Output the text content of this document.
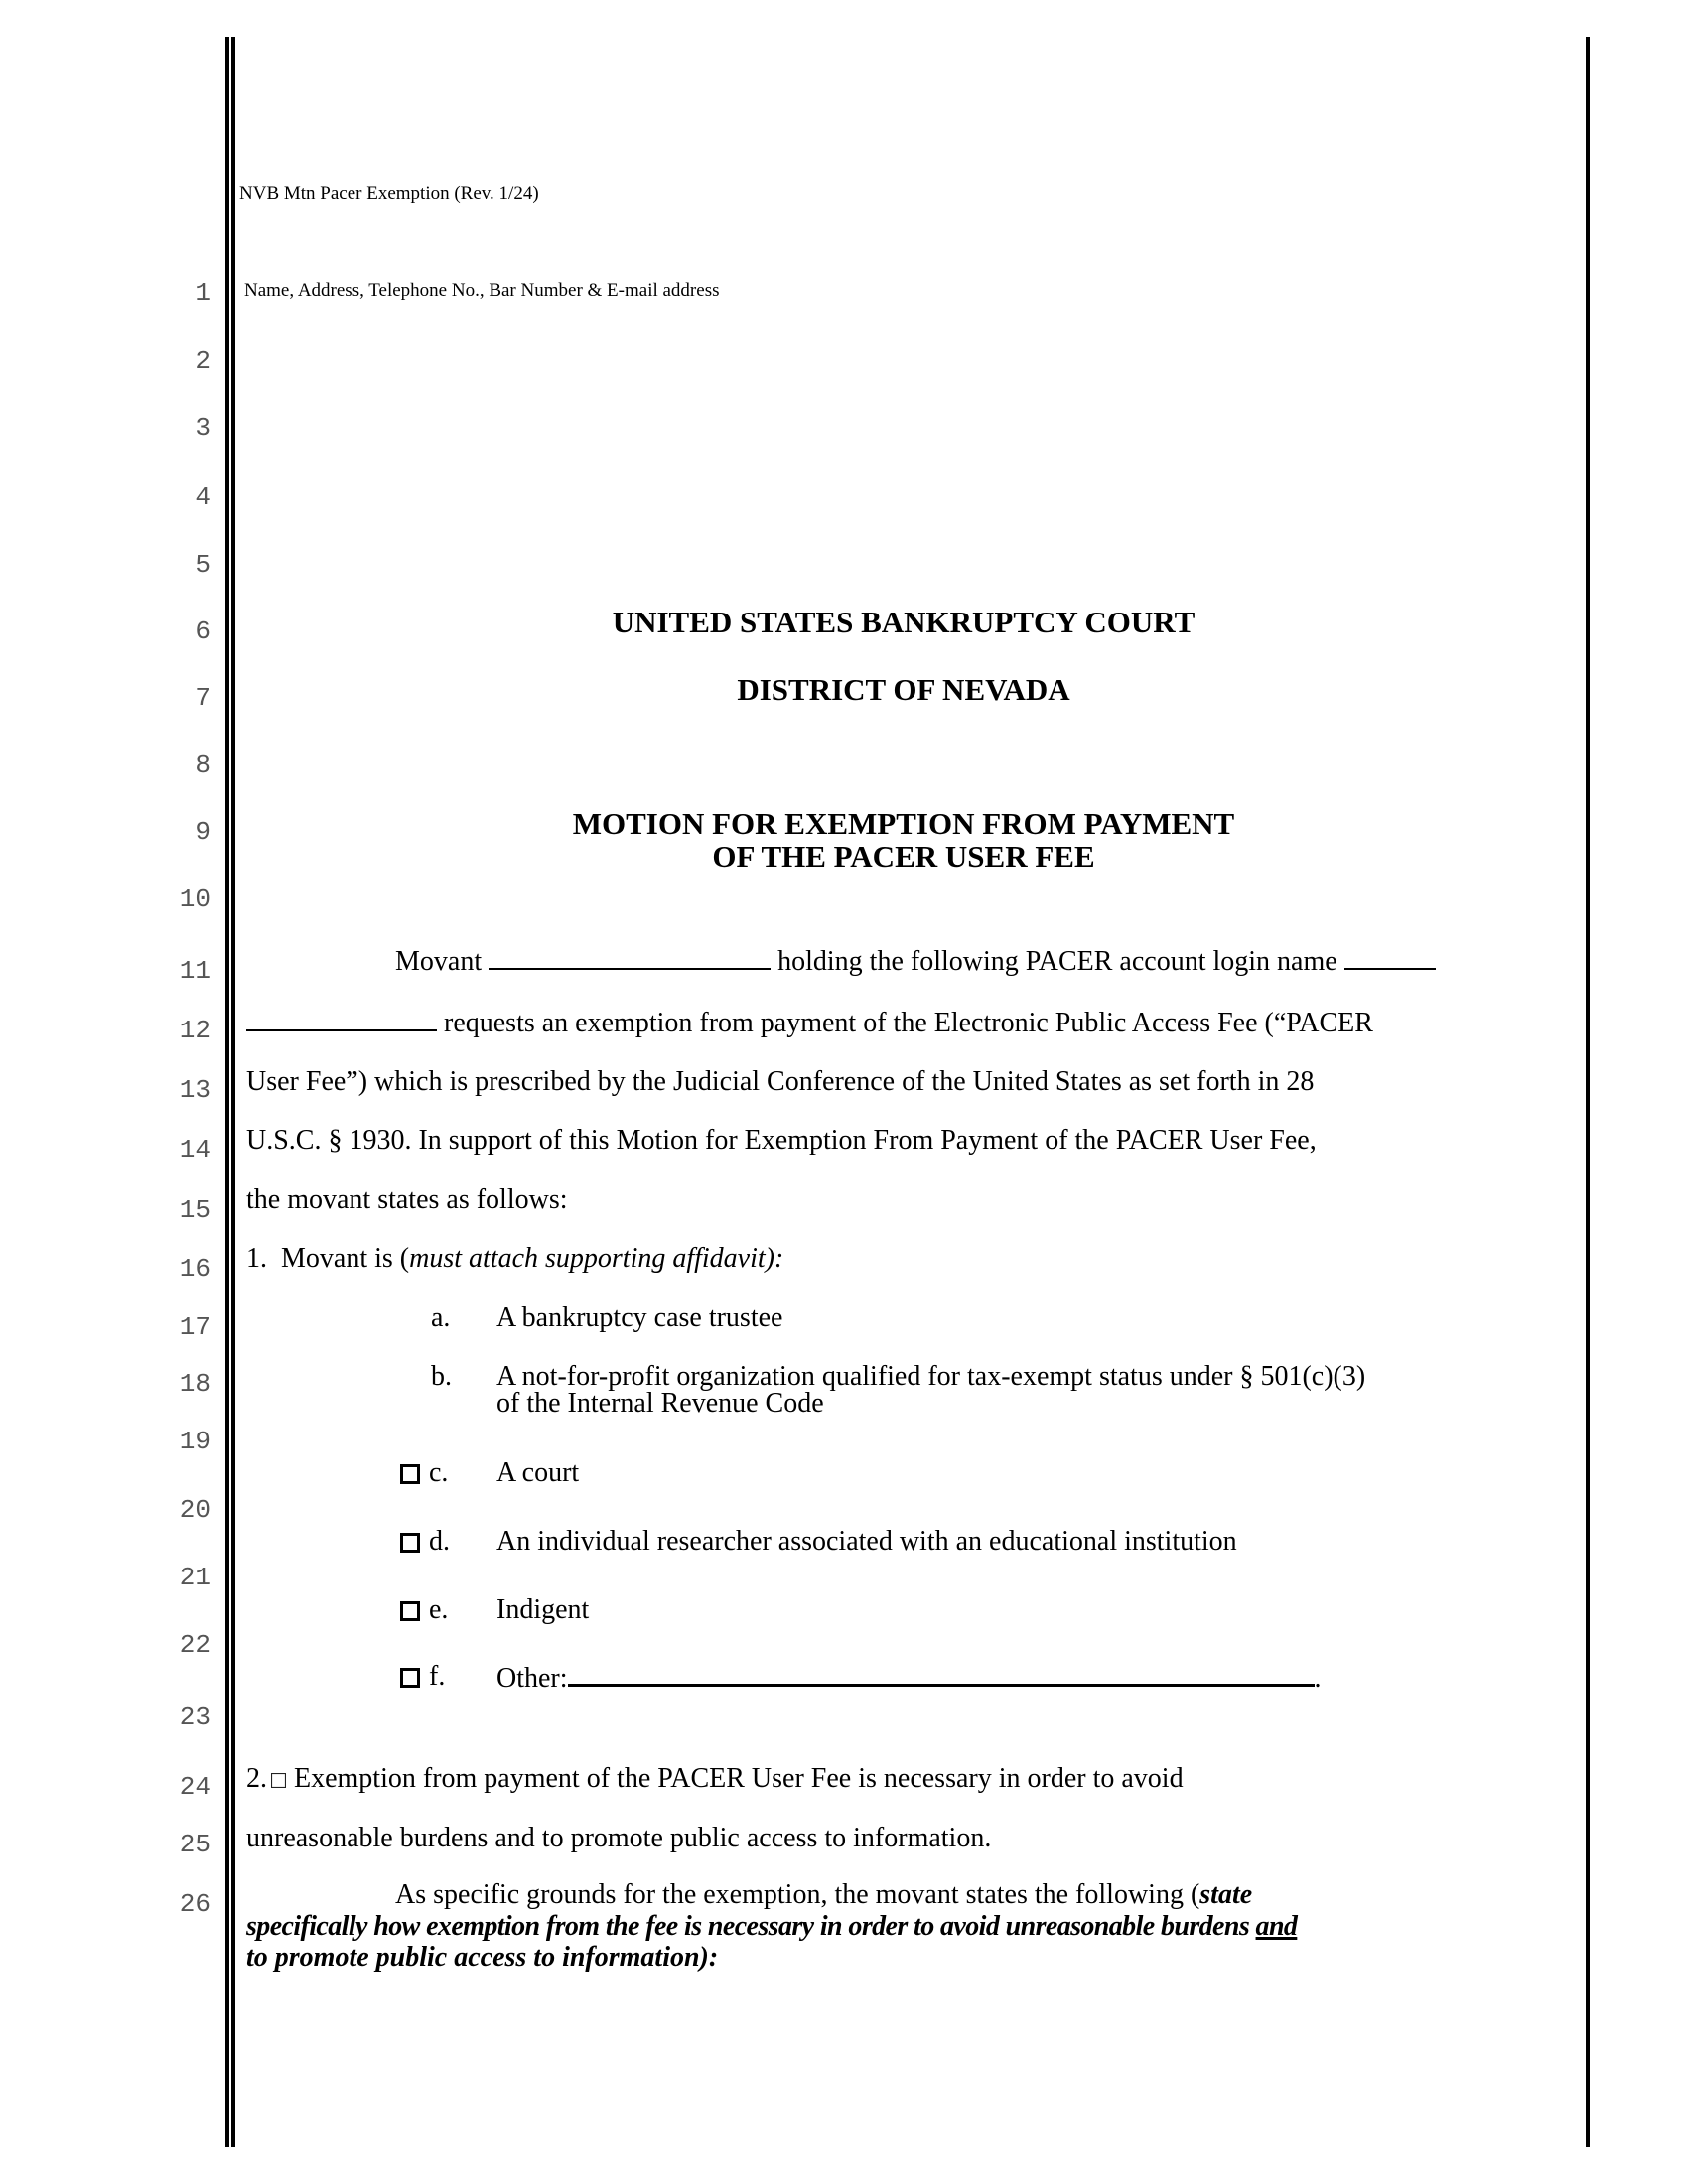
1
2
3
4
5
6
7
8
9
10
11
12
13
14
15
16
17
18
19
20
21
22
23
24
25
26
NVB Mtn Pacer Exemption (Rev. 1/24)
Name, Address, Telephone No., Bar Number & E-mail address
UNITED STATES BANKRUPTCY COURT
DISTRICT OF NEVADA
MOTION FOR EXEMPTION FROM PAYMENT
OF THE PACER USER FEE
Movant	holding the following PACER account login name
requests an exemption from payment of the Electronic Public Access Fee (“PACER
User Fee”) which is prescribed by the Judicial Conference of the United States as set forth in 28
U.S.C. § 1930. In support of this Motion for Exemption From Payment of the PACER User Fee,
the movant states as follows:
1. Movant is (must attach supporting affidavit):
a. A bankruptcy case trustee
b. A not-for-profit organization qualified for tax-exempt status under § 501(c)(3)
of the Internal Revenue Code
c. A court
d. An individual researcher associated with an educational institution
e. Indigent
f. Other:	.
2. Exemption from payment of the PACER User Fee is necessary in order to avoid
unreasonable burdens and to promote public access to information.
As specific grounds for the exemption, the movant states the following (state
specifically how exemption from the fee is necessary in order to avoid unreasonable burdens and
to promote public access to information):
